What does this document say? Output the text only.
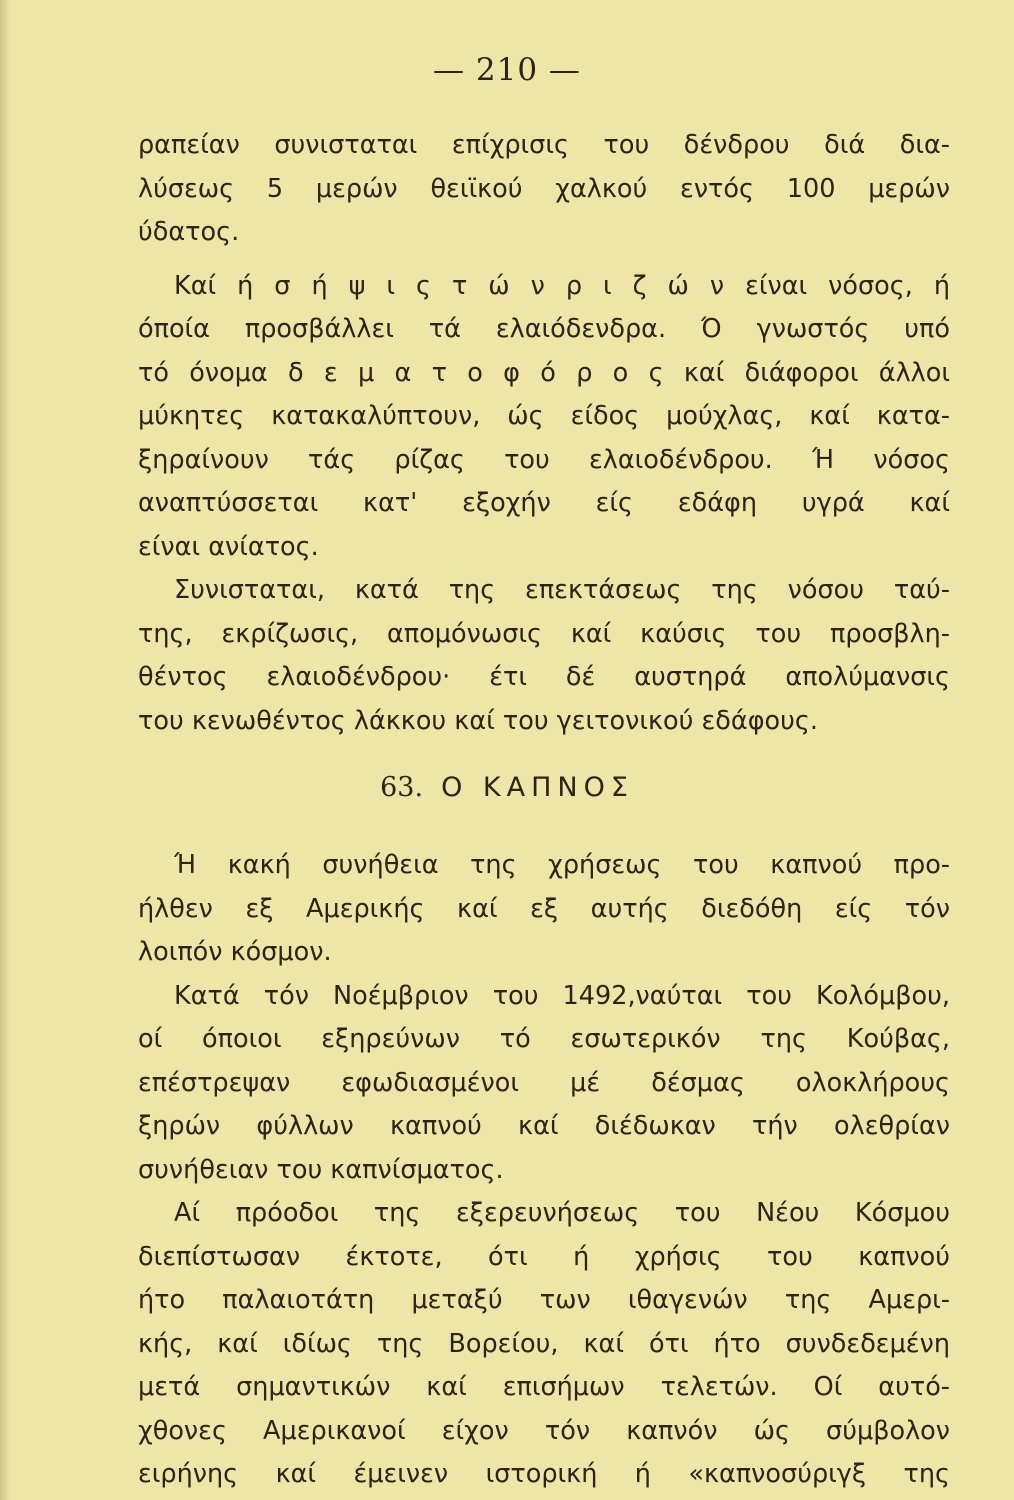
— 210 —
ραπείαν συνισταται επίχρισις του δένδρου διά δια-
λύσεως 5 μερών θειϊκού χαλκού εντός 100 μερών
ύδατος.
Καί ή σ ή ψ ι ς τ ώ ν ρ ι ζ ώ ν είναι νόσος, ή
όποία προσβάλλει τά ελαιόδενδρα. Ό γνωστός υπό
τό όνομα δ ε μ α τ ο φ ό ρ ο ς καί διάφοροι άλλοι
μύκητες κατακαλύπτουν, ώς είδος μούχλας, καί κατα-
ξηραίνουν τάς ρίζας του ελαιοδένδρου. Ή νόσος
αναπτύσσεται κατ' εξοχήν είς εδάφη υγρά καί
είναι ανίατος.
Συνισταται, κατά της επεκτάσεως της νόσου ταύ-
της, εκρίζωσις, απομόνωσις καί καύσις του προσβλη-
θέντος ελαιοδένδρου· έτι δέ αυστηρά απολύμανσις
του κενωθέντος λάκκου καί του γειτονικού εδάφους.
63. Ο ΚΑΠΝΟΣ
Ή κακή συνήθεια της χρήσεως του καπνού προ-
ήλθεν εξ Αμερικής καί εξ αυτής διεδόθη είς τόν
λοιπόν κόσμον.
Κατά τόν Νοέμβριον του 1492,ναύται του Κολόμβου,
οί όποιοι εξηρεύνων τό εσωτερικόν της Κούβας,
επέστρεψαν εφωδιασμένοι μέ δέσμας ολοκλήρους
ξηρών φύλλων καπνού καί διέδωκαν τήν ολεθρίαν
συνήθειαν του καπνίσματος.
Αί πρόοδοι της εξερευνήσεως του Νέου Κόσμου
διεπίστωσαν έκτοτε, ότι ή χρήσις του καπνού
ήτο παλαιοτάτη μεταξύ των ιθαγενών της Αμερι-
κής, καί ιδίως της Βορείου, καί ότι ήτο συνδεδεμένη
μετά σημαντικών καί επισήμων τελετών. Οί αυτό-
χθονες Αμερικανοί είχον τόν καπνόν ώς σύμβολον
ειρήνης καί έμεινεν ιστορική ή «καπνοσύριγξ της
